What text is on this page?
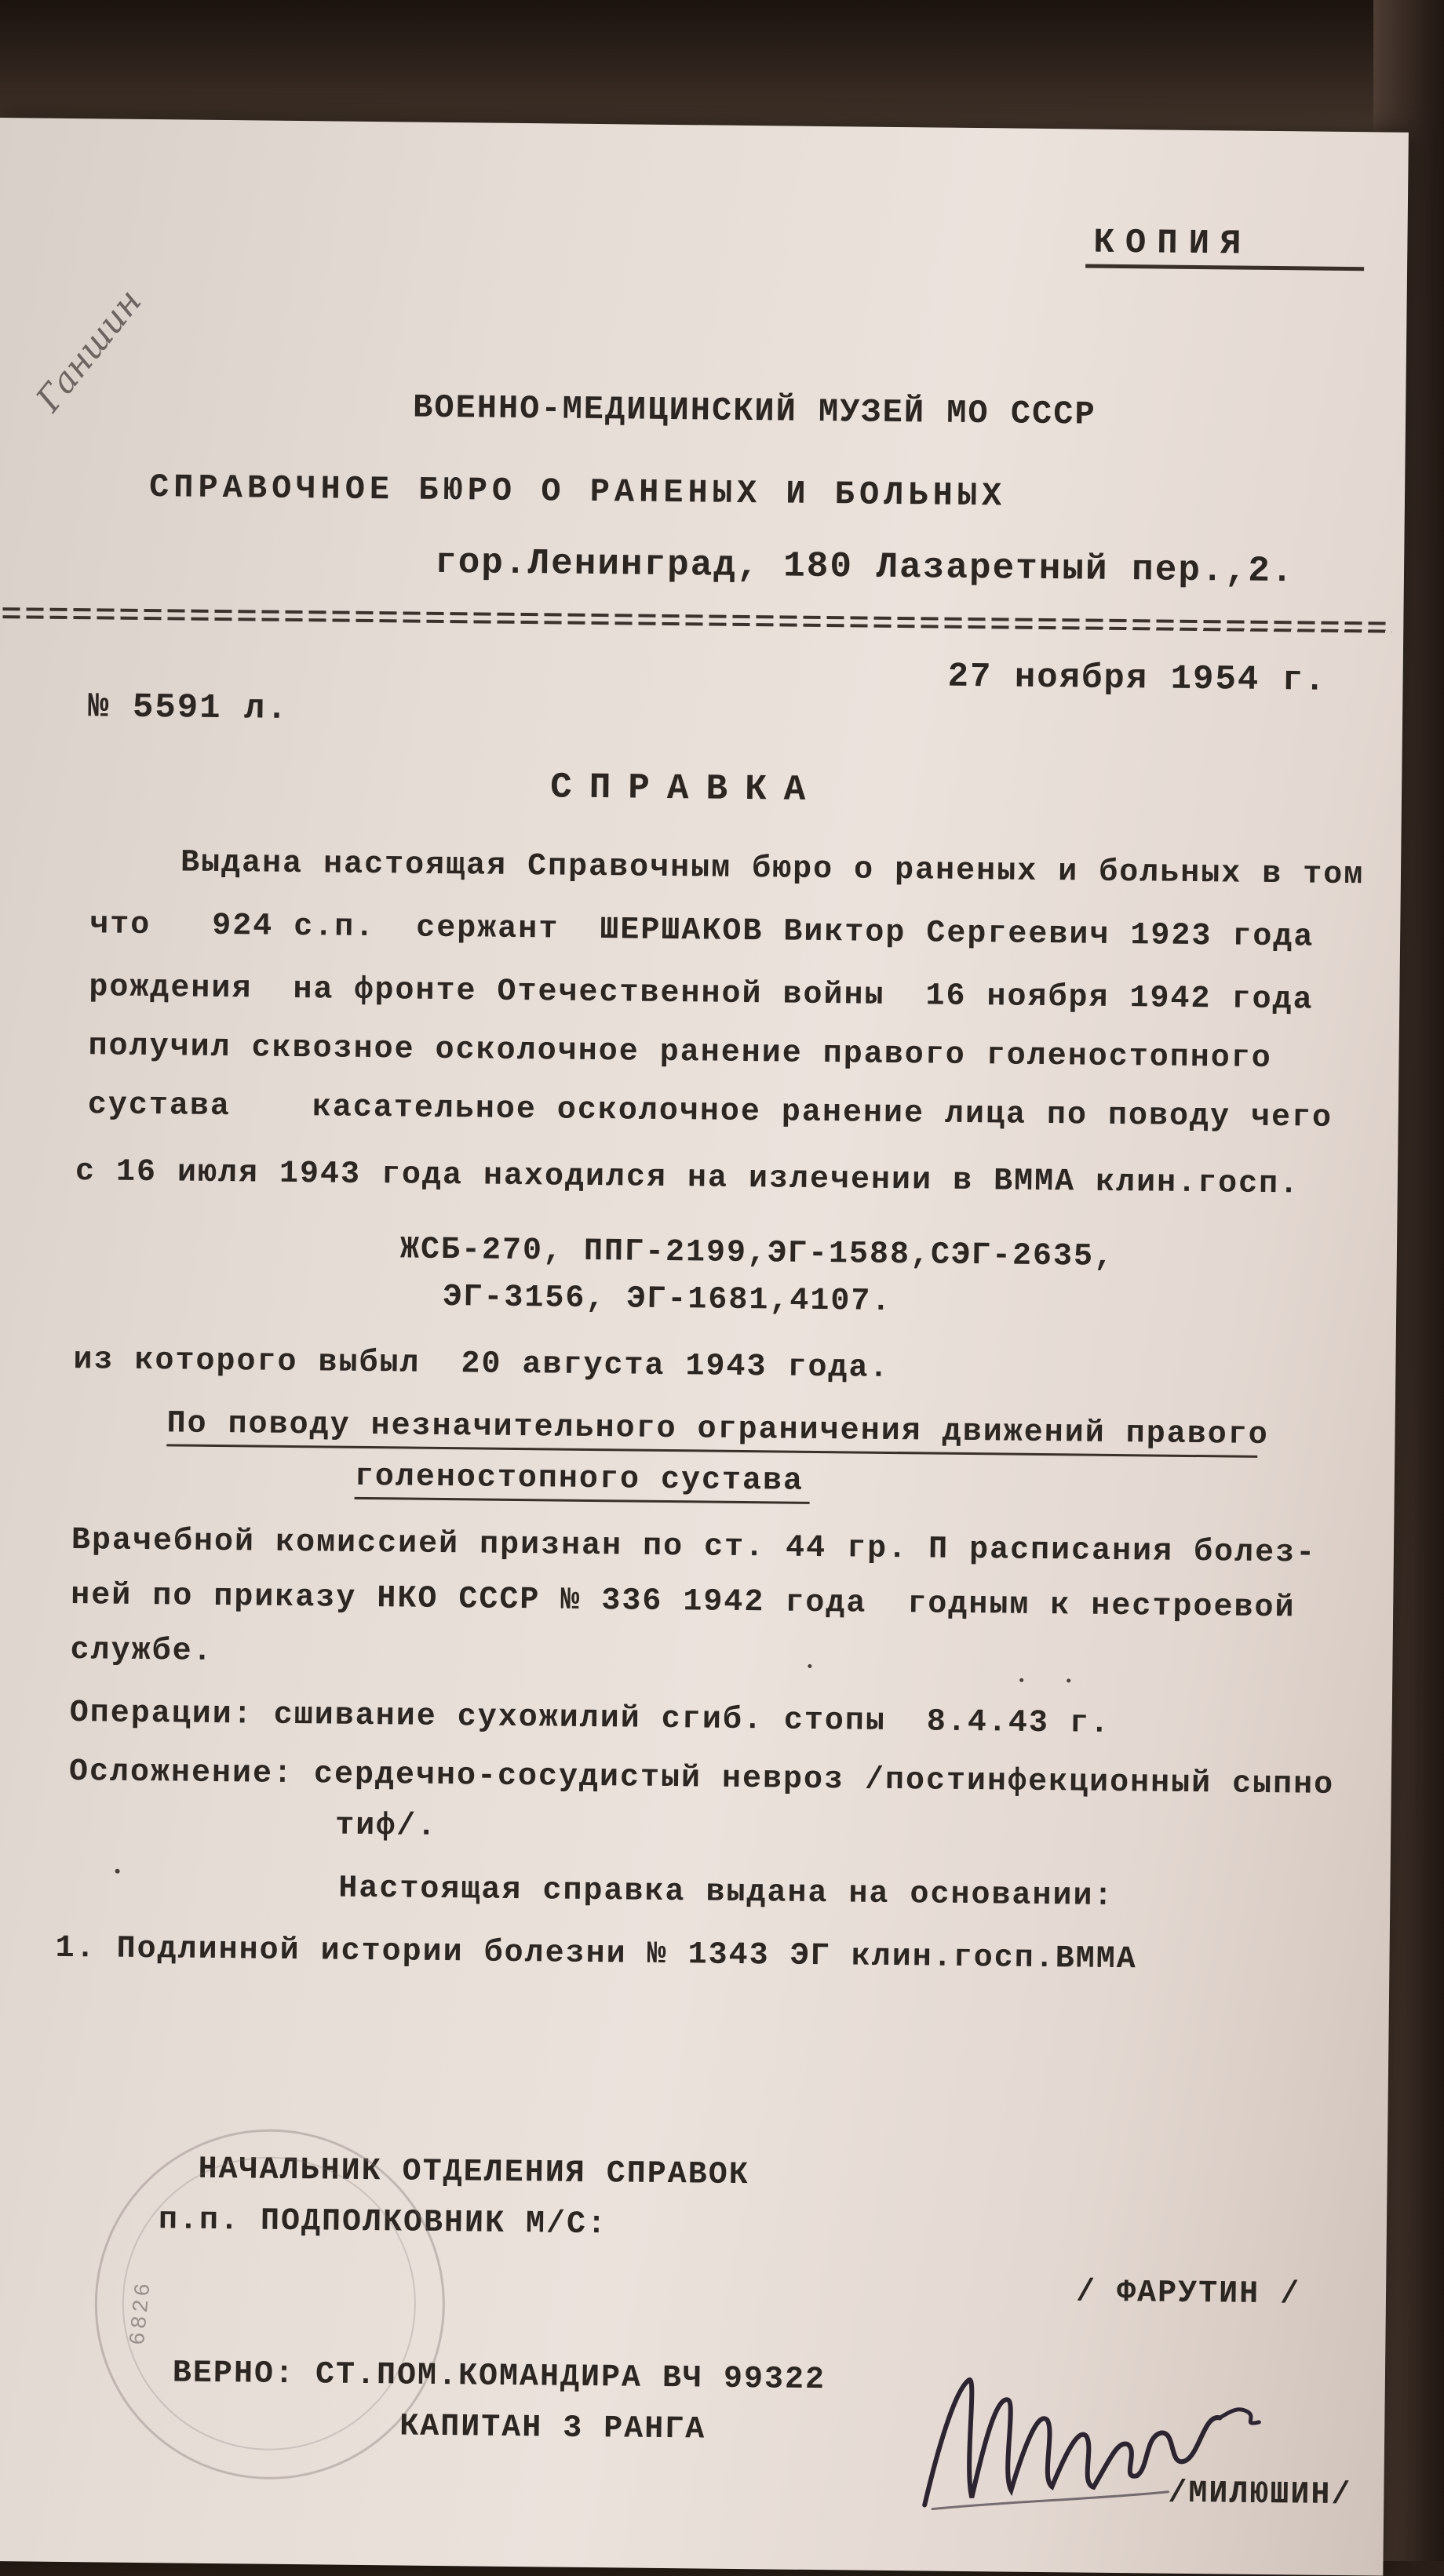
Ганшин
КОПИЯ
ВОЕННО-МЕДИЦИНСКИЙ МУЗЕЙ МО СССР
СПРАВОЧНОЕ БЮРО О РАНЕНЫХ И БОЛЬНЫХ
гор.Ленинград, 180 Лазаретный пер.,2.
27 ноября 1954 г.
№ 5591 л.
СПРАВКА
Выдана настоящая Справочным бюро о раненых и больных в том
что   924 с.п.  сержант  ШЕРШАКОВ Виктор Сергеевич 1923 года
рождения  на фронте Отечественной войны  16 ноября 1942 года
получил сквозное осколочное ранение правого голеностопного
сустава    касательное осколочное ранение лица по поводу чего
с 16 июля 1943 года находился на излечении в ВММА клин.госп.
ЖСБ-270, ППГ-2199,ЭГ-1588,СЭГ-2635,
ЭГ-3156, ЭГ-1681,4107.
из которого выбыл  20 августа 1943 года.
По поводу незначительного ограничения движений правого
голеностопного сустава
Врачебной комиссией признан по ст. 44 гр. П расписания болез-
ней по приказу НКО СССР № 336 1942 года  годным к нестроевой
службе.
Операции: сшивание сухожилий сгиб. стопы  8.4.43 г.
Осложнение: сердечно-сосудистый невроз /постинфекционный сыпно
тиф/.
Настоящая справка выдана на основании:
1. Подлинной истории болезни № 1343 ЭГ клин.госп.ВММА
НАЧАЛЬНИК ОТДЕЛЕНИЯ СПРАВОК
п.п. ПОДПОЛКОВНИК М/С:
/ ФАРУТИН /
6826
ВЕРНО: СТ.ПОМ.КОМАНДИРА ВЧ 99322
КАПИТАН 3 РАНГА
/МИЛЮШИН/
